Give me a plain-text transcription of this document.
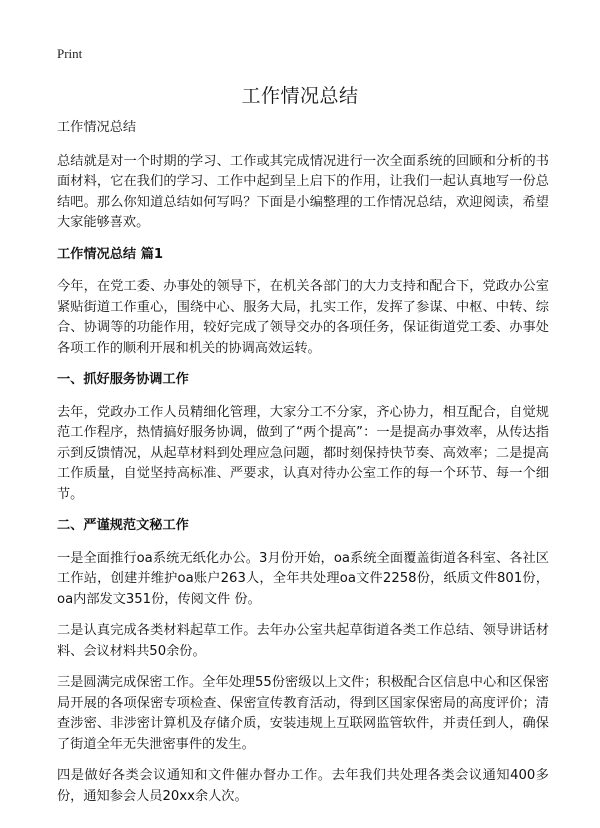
Print
工作情况总结

工作情况总结

总结就是对一个时期的学习、工作或其完成情况进行一次全面系统的回顾和分析的书面材料，它在我们的学习、工作中起到呈上启下的作用，让我们一起认真地写一份总结吧。那么你知道总结如何写吗？下面是小编整理的工作情况总结，欢迎阅读，希望大家能够喜欢。

工作情况总结 篇1

今年，在党工委、办事处的领导下，在机关各部门的大力支持和配合下，党政办公室紧贴街道工作重心，围绕中心、服务大局，扎实工作，发挥了参谋、中枢、中转、综合、协调等的功能作用，较好完成了领导交办的各项任务，保证街道党工委、办事处各项工作的顺利开展和机关的协调高效运转。

一、抓好服务协调工作

去年，党政办工作人员精细化管理，大家分工不分家，齐心协力，相互配合，自觉规范工作程序，热情搞好服务协调，做到了“两个提高”：一是提高办事效率，从传达指示到反馈情况，从起草材料到处理应急问题，都时刻保持快节奏、高效率；二是提高工作质量，自觉坚持高标准、严要求，认真对待办公室工作的每一个环节、每一个细节。

二、严谨规范文秘工作

一是全面推行oa系统无纸化办公。3月份开始，oa系统全面覆盖街道各科室、各社区工作站，创建并维护oa账户263人，全年共处理oa文件2258份，纸质文件801份，oa内部发文351份，传阅文件 份。

二是认真完成各类材料起草工作。去年办公室共起草街道各类工作总结、领导讲话材料、会议材料共50余份。

三是圆满完成保密工作。全年处理55份密级以上文件；积极配合区信息中心和区保密局开展的各项保密专项检查、保密宣传教育活动，得到区国家保密局的高度评价；清查涉密、非涉密计算机及存储介质，安装违规上互联网监管软件，并责任到人，确保了街道全年无失泄密事件的发生。

四是做好各类会议通知和文件催办督办工作。去年我们共处理各类会议通知400多份，通知参会人员20xx余人次。
